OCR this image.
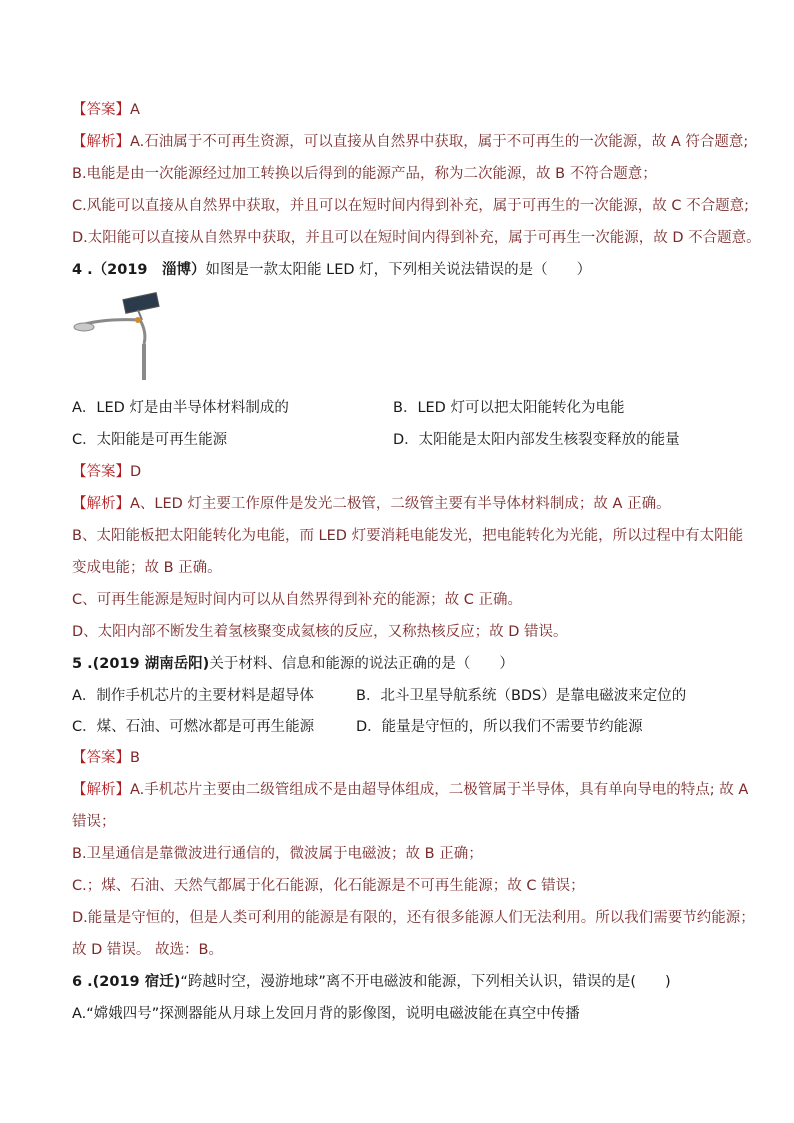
【答案】A
【解析】A.石油属于不可再生资源，可以直接从自然界中获取，属于不可再生的一次能源，故 A 符合题意;
B.电能是由一次能源经过加工转换以后得到的能源产品，称为二次能源，故 B 不符合题意；
C.风能可以直接从自然界中获取，并且可以在短时间内得到补充，属于可再生的一次能源，故 C 不合题意;
D.太阳能可以直接从自然界中获取，并且可以在短时间内得到补充，属于可再生一次能源，故 D 不合题意。
4 .（2019　淄博）如图是一款太阳能 LED 灯，下列相关说法错误的是（　　）
A．LED 灯是由半导体材料制成的	B．LED 灯可以把太阳能转化为电能
C．太阳能是可再生能源	D．太阳能是太阳内部发生核裂变释放的能量
【答案】D
【解析】A、LED 灯主要工作原件是发光二极管，二级管主要有半导体材料制成；故 A 正确。
B、太阳能板把太阳能转化为电能，而 LED 灯要消耗电能发光，把电能转化为光能，所以过程中有太阳能
变成电能；故 B 正确。
C、可再生能源是短时间内可以从自然界得到补充的能源；故 C 正确。
D、太阳内部不断发生着氢核聚变成氦核的反应，又称热核反应；故 D 错误。
5 .(2019 湖南岳阳)关于材料、信息和能源的说法正确的是（　　）
A．制作手机芯片的主要材料是超导体	B．北斗卫星导航系统（BDS）是靠电磁波来定位的
C．煤、石油、可燃冰都是可再生能源	D．能量是守恒的，所以我们不需要节约能源
【答案】B
【解析】A.手机芯片主要由二级管组成不是由超导体组成，二极管属于半导体，具有单向导电的特点; 故 A
错误；
B.卫星通信是靠微波进行通信的，微波属于电磁波；故 B 正确；
C.；煤、石油、天然气都属于化石能源，化石能源是不可再生能源；故 C 错误；
D.能量是守恒的，但是人类可利用的能源是有限的，还有很多能源人们无法利用。所以我们需要节约能源；
故 D 错误。 故选：B。
6 .(2019 宿迁)“跨越时空，漫游地球”离不开电磁波和能源，下列相关认识，错误的是(　　)
A.“嫦娥四号”探测器能从月球上发回月背的影像图，说明电磁波能在真空中传播
